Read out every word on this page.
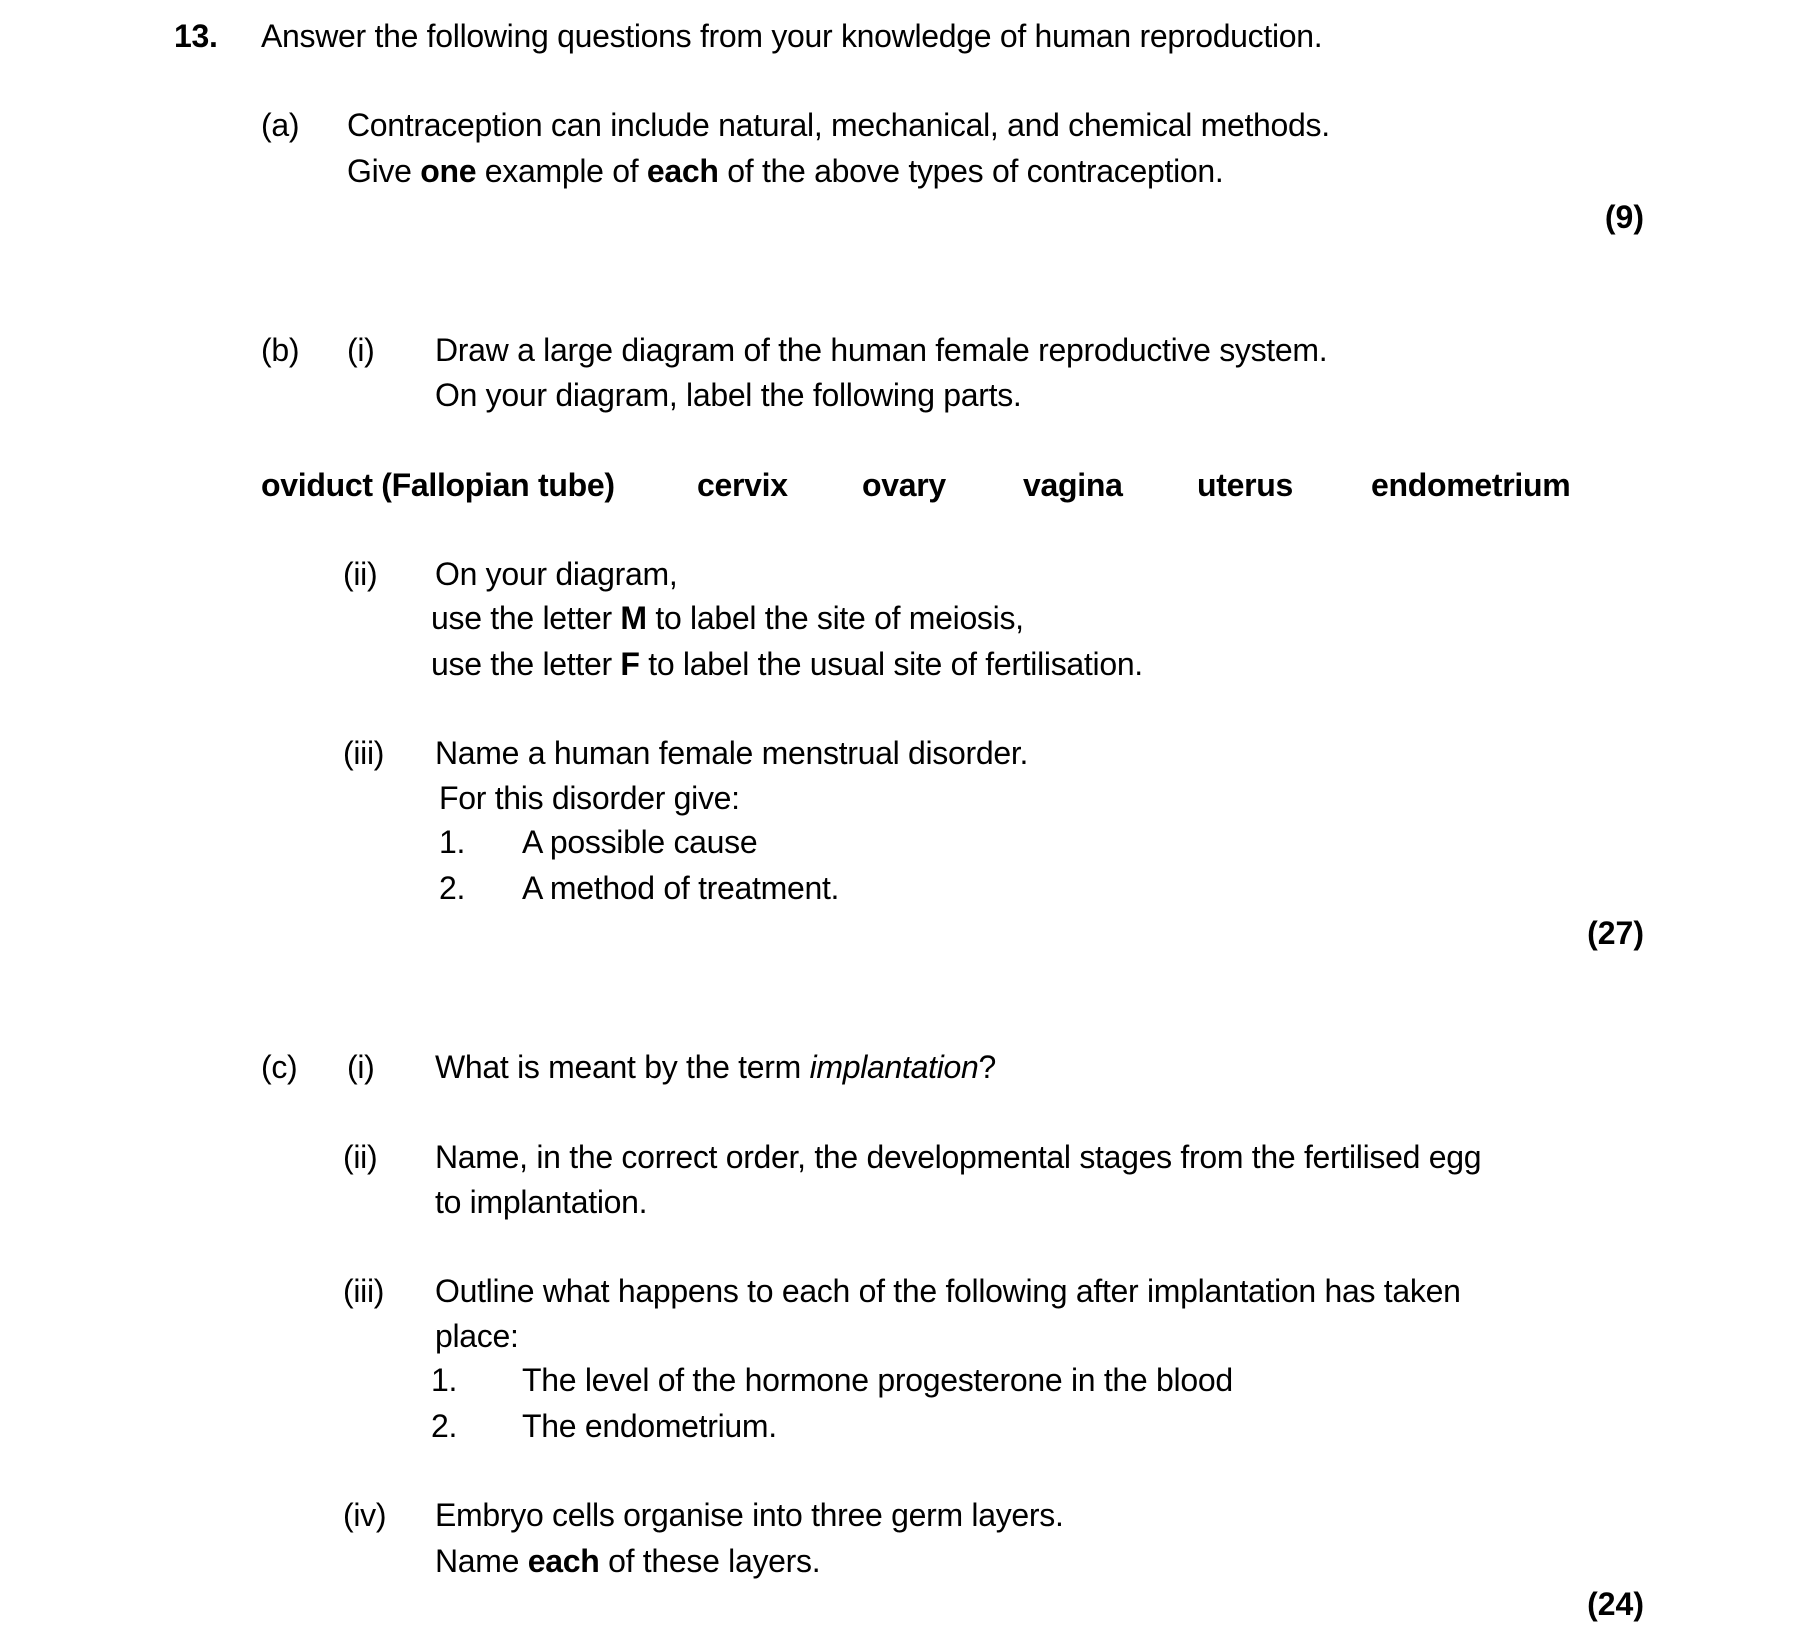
13. Answer the following questions from your knowledge of human reproduction.
(a) Contraception can include natural, mechanical, and chemical methods.
Give one example of each of the above types of contraception.
(9)
(b) (i) Draw a large diagram of the human female reproductive system.
On your diagram, label the following parts.
oviduct (Fallopian tube)	cervix ovary vagina uterus endometrium
(ii) On your diagram,
use the letter M to label the site of meiosis,
use the letter F to label the usual site of fertilisation.
(iii) Name a human female menstrual disorder.
For this disorder give:
1. A possible cause
2. A method of treatment.
(27)
(c) (i) What is meant by the term implantation?
(ii) Name, in the correct order, the developmental stages from the fertilised egg
to implantation.
(iii) Outline what happens to each of the following after implantation has taken
place:
1. The level of the hormone progesterone in the blood
2. The endometrium.
(iv) Embryo cells organise into three germ layers.
Name each of these layers.
(24)
